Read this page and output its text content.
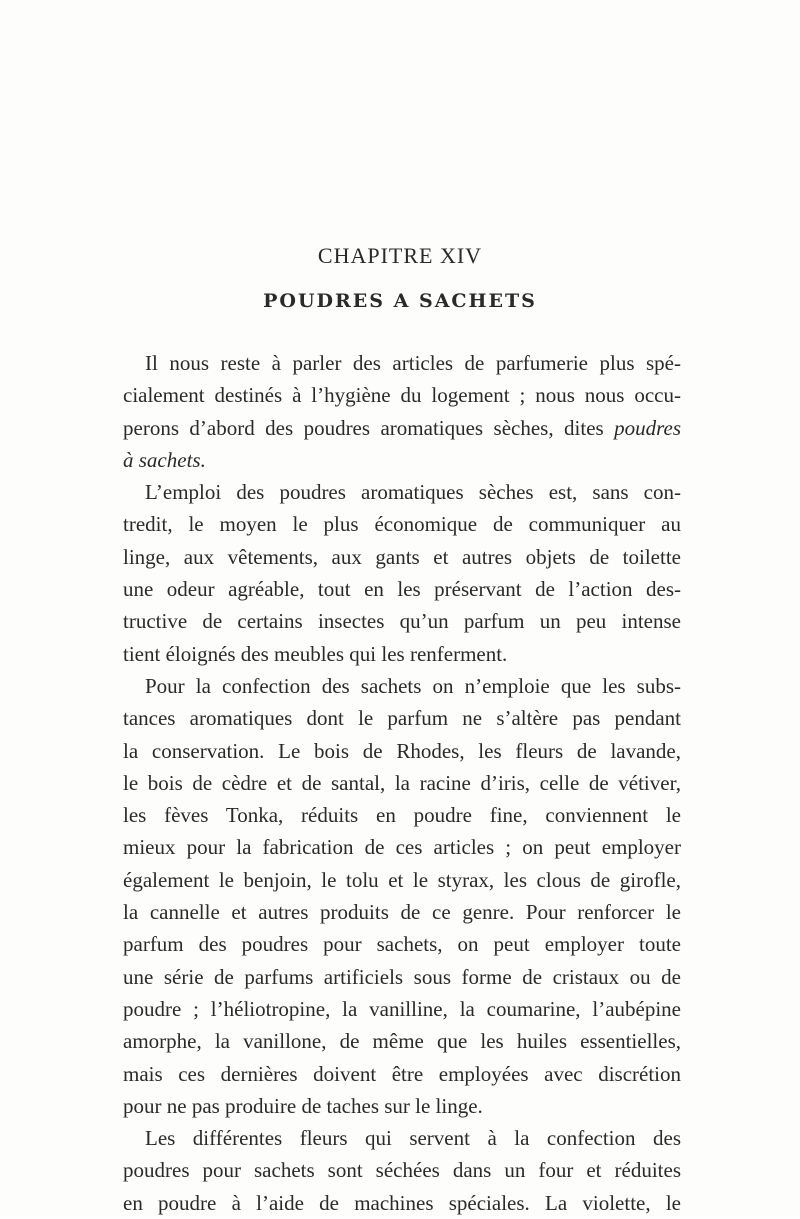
CHAPITRE XIV
POUDRES A SACHETS
Il nous reste à parler des articles de parfumerie plus spé-
cialement destinés à l’hygiène du logement ; nous nous occu-
perons d’abord des poudres aromatiques sèches, dites poudres
à sachets.
L’emploi des poudres aromatiques sèches est, sans con-
tredit, le moyen le plus économique de communiquer au
linge, aux vêtements, aux gants et autres objets de toilette
une odeur agréable, tout en les préservant de l’action des-
tructive de certains insectes qu’un parfum un peu intense
tient éloignés des meubles qui les renferment.
Pour la confection des sachets on n’emploie que les subs-
tances aromatiques dont le parfum ne s’altère pas pendant
la conservation. Le bois de Rhodes, les fleurs de lavande,
le bois de cèdre et de santal, la racine d’iris, celle de vétiver,
les fèves Tonka, réduits en poudre fine, conviennent le
mieux pour la fabrication de ces articles ; on peut employer
également le benjoin, le tolu et le styrax, les clous de girofle,
la cannelle et autres produits de ce genre. Pour renforcer le
parfum des poudres pour sachets, on peut employer toute
une série de parfums artificiels sous forme de cristaux ou de
poudre ; l’héliotropine, la vanilline, la coumarine, l’aubépine
amorphe, la vanillone, de même que les huiles essentielles,
mais ces dernières doivent être employées avec discrétion
pour ne pas produire de taches sur le linge.
Les différentes fleurs qui servent à la confection des
poudres pour sachets sont séchées dans un four et réduites
en poudre à l’aide de machines spéciales. La violette, le
